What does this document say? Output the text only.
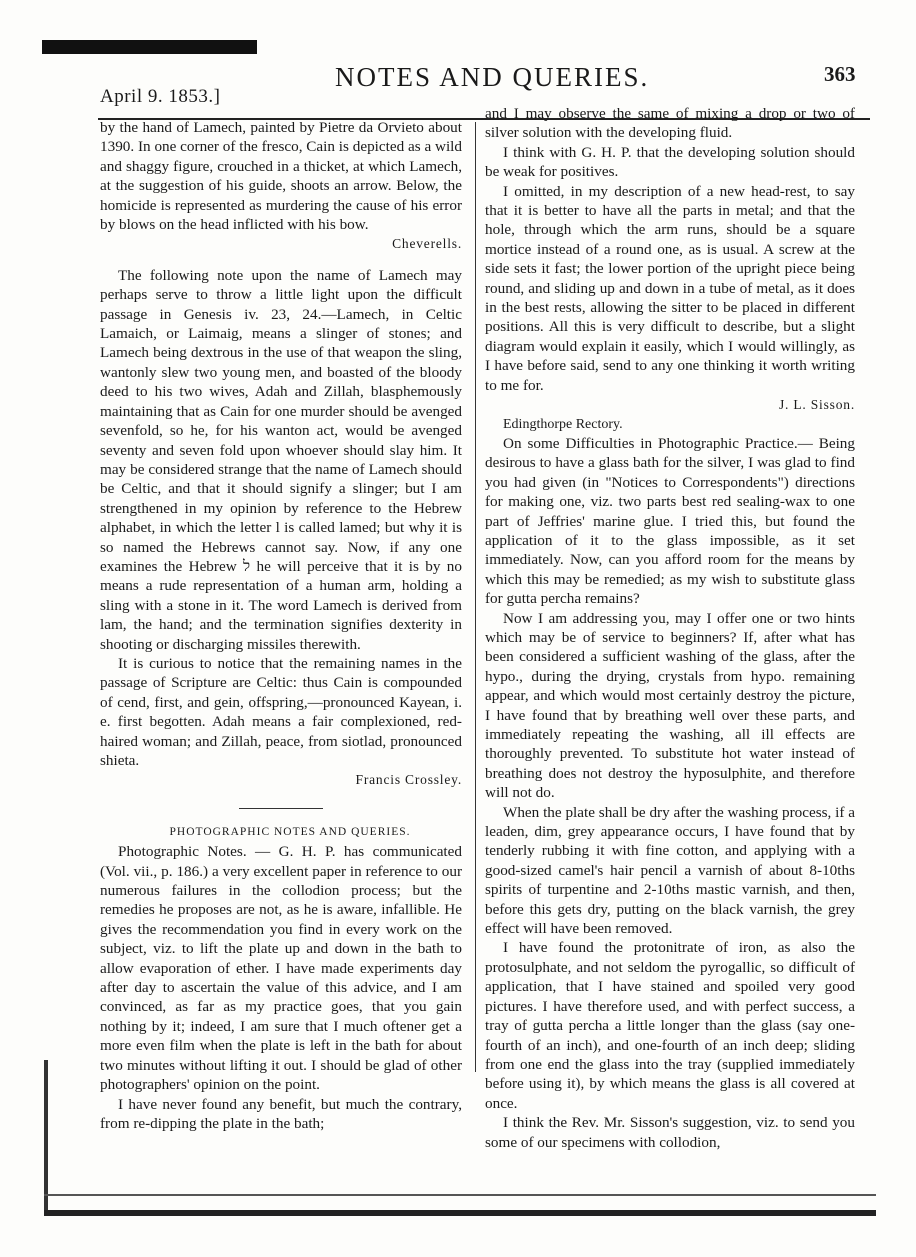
April 9. 1853.]
NOTES AND QUERIES.	363

by the hand of Lamech, painted by Pietre da Orvieto about 1390. In one corner of the fresco, Cain is depicted as a wild and shaggy figure, crouched in a thicket, at which Lamech, at the suggestion of his guide, shoots an arrow. Below, the homicide is represented as murdering the cause of his error by blows on the head inflicted with his bow.

Cheverells.

The following note upon the name of Lamech may perhaps serve to throw a little light upon the difficult passage in Genesis iv. 23, 24.—Lamech, in Celtic Lamaich, or Laimaig, means a slinger of stones; and Lamech being dextrous in the use of that weapon the sling, wantonly slew two young men, and boasted of the bloody deed to his two wives, Adah and Zillah, blasphemously maintaining that as Cain for one murder should be avenged sevenfold, so he, for his wanton act, would be avenged seventy and seven fold upon whoever should slay him. It may be considered strange that the name of Lamech should be Celtic, and that it should signify a slinger; but I am strengthened in my opinion by reference to the Hebrew alphabet, in which the letter l is called lamed; but why it is so named the Hebrews cannot say. Now, if any one examines the Hebrew ל he will perceive that it is by no means a rude representation of a human arm, holding a sling with a stone in it. The word Lamech is derived from lam, the hand; and the termination signifies dexterity in shooting or discharging missiles therewith.

It is curious to notice that the remaining names in the passage of Scripture are Celtic: thus Cain is compounded of cend, first, and gein, offspring,—pronounced Kayean, i. e. first begotten. Adah means a fair complexioned, red-haired woman; and Zillah, peace, from siotlad, pronounced shieta.

Francis Crossley.

PHOTOGRAPHIC NOTES AND QUERIES.

Photographic Notes. — G. H. P. has communicated (Vol. vii., p. 186.) a very excellent paper in reference to our numerous failures in the collodion process; but the remedies he proposes are not, as he is aware, infallible. He gives the recommendation you find in every work on the subject, viz. to lift the plate up and down in the bath to allow evaporation of ether. I have made experiments day after day to ascertain the value of this advice, and I am convinced, as far as my practice goes, that you gain nothing by it; indeed, I am sure that I much oftener get a more even film when the plate is left in the bath for about two minutes without lifting it out. I should be glad of other photographers' opinion on the point.

I have never found any benefit, but much the contrary, from re-dipping the plate in the bath;

and I may observe the same of mixing a drop or two of silver solution with the developing fluid.

I think with G. H. P. that the developing solution should be weak for positives.

I omitted, in my description of a new head-rest, to say that it is better to have all the parts in metal; and that the hole, through which the arm runs, should be a square mortice instead of a round one, as is usual. A screw at the side sets it fast; the lower portion of the upright piece being round, and sliding up and down in a tube of metal, as it does in the best rests, allowing the sitter to be placed in different positions. All this is very difficult to describe, but a slight diagram would explain it easily, which I would willingly, as I have before said, send to any one thinking it worth writing to me for.

J. L. Sisson.

Edingthorpe Rectory.

On some Difficulties in Photographic Practice.— Being desirous to have a glass bath for the silver, I was glad to find you had given (in "Notices to Correspondents") directions for making one, viz. two parts best red sealing-wax to one part of Jeffries' marine glue. I tried this, but found the application of it to the glass impossible, as it set immediately. Now, can you afford room for the means by which this may be remedied; as my wish to substitute glass for gutta percha remains?

Now I am addressing you, may I offer one or two hints which may be of service to beginners? If, after what has been considered a sufficient washing of the glass, after the hypo., during the drying, crystals from hypo. remaining appear, and which would most certainly destroy the picture, I have found that by breathing well over these parts, and immediately repeating the washing, all ill effects are thoroughly prevented. To substitute hot water instead of breathing does not destroy the hyposulphite, and therefore will not do.

When the plate shall be dry after the washing process, if a leaden, dim, grey appearance occurs, I have found that by tenderly rubbing it with fine cotton, and applying with a good-sized camel's hair pencil a varnish of about 8-10ths spirits of turpentine and 2-10ths mastic varnish, and then, before this gets dry, putting on the black varnish, the grey effect will have been removed.

I have found the protonitrate of iron, as also the protosulphate, and not seldom the pyrogallic, so difficult of application, that I have stained and spoiled very good pictures. I have therefore used, and with perfect success, a tray of gutta percha a little longer than the glass (say one-fourth of an inch), and one-fourth of an inch deep; sliding from one end the glass into the tray (supplied immediately before using it), by which means the glass is all covered at once.

I think the Rev. Mr. Sisson's suggestion, viz. to send you some of our specimens with collodion,
